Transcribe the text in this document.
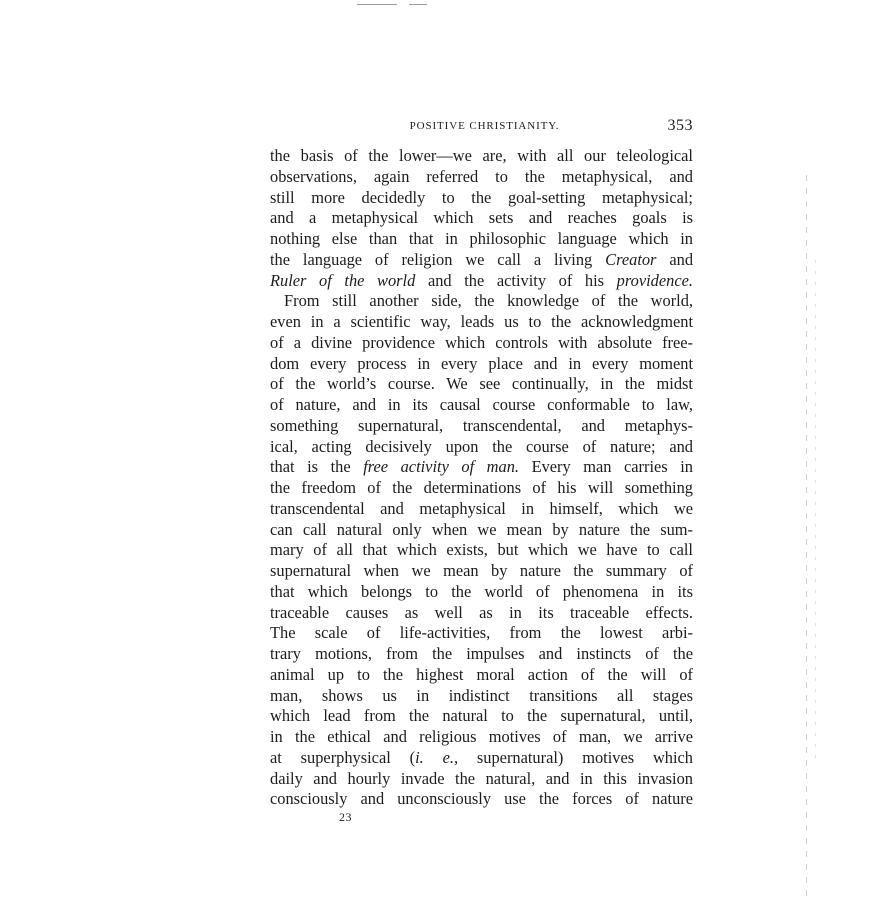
POSITIVE CHRISTIANITY.	353
the basis of the lower—we are, with all our teleological
observations, again referred to the metaphysical, and
still more decidedly to the goal-setting metaphysical;
and a metaphysical which sets and reaches goals is
nothing else than that in philosophic language which in
the language of religion we call a living Creator and
Ruler of the world and the activity of his providence.
From still another side, the knowledge of the world,
even in a scientific way, leads us to the acknowledgment
of a divine providence which controls with absolute free-
dom every process in every place and in every moment
of the world’s course. We see continually, in the midst
of nature, and in its causal course conformable to law,
something supernatural, transcendental, and metaphys-
ical, acting decisively upon the course of nature; and
that is the free activity of man. Every man carries in
the freedom of the determinations of his will something
transcendental and metaphysical in himself, which we
can call natural only when we mean by nature the sum-
mary of all that which exists, but which we have to call
supernatural when we mean by nature the summary of
that which belongs to the world of phenomena in its
traceable causes as well as in its traceable effects.
The scale of life-activities, from the lowest arbi-
trary motions, from the impulses and instincts of the
animal up to the highest moral action of the will of
man, shows us in indistinct transitions all stages
which lead from the natural to the supernatural, until,
in the ethical and religious motives of man, we arrive
at superphysical (i. e., supernatural) motives which
daily and hourly invade the natural, and in this invasion
consciously and unconsciously use the forces of nature
23
